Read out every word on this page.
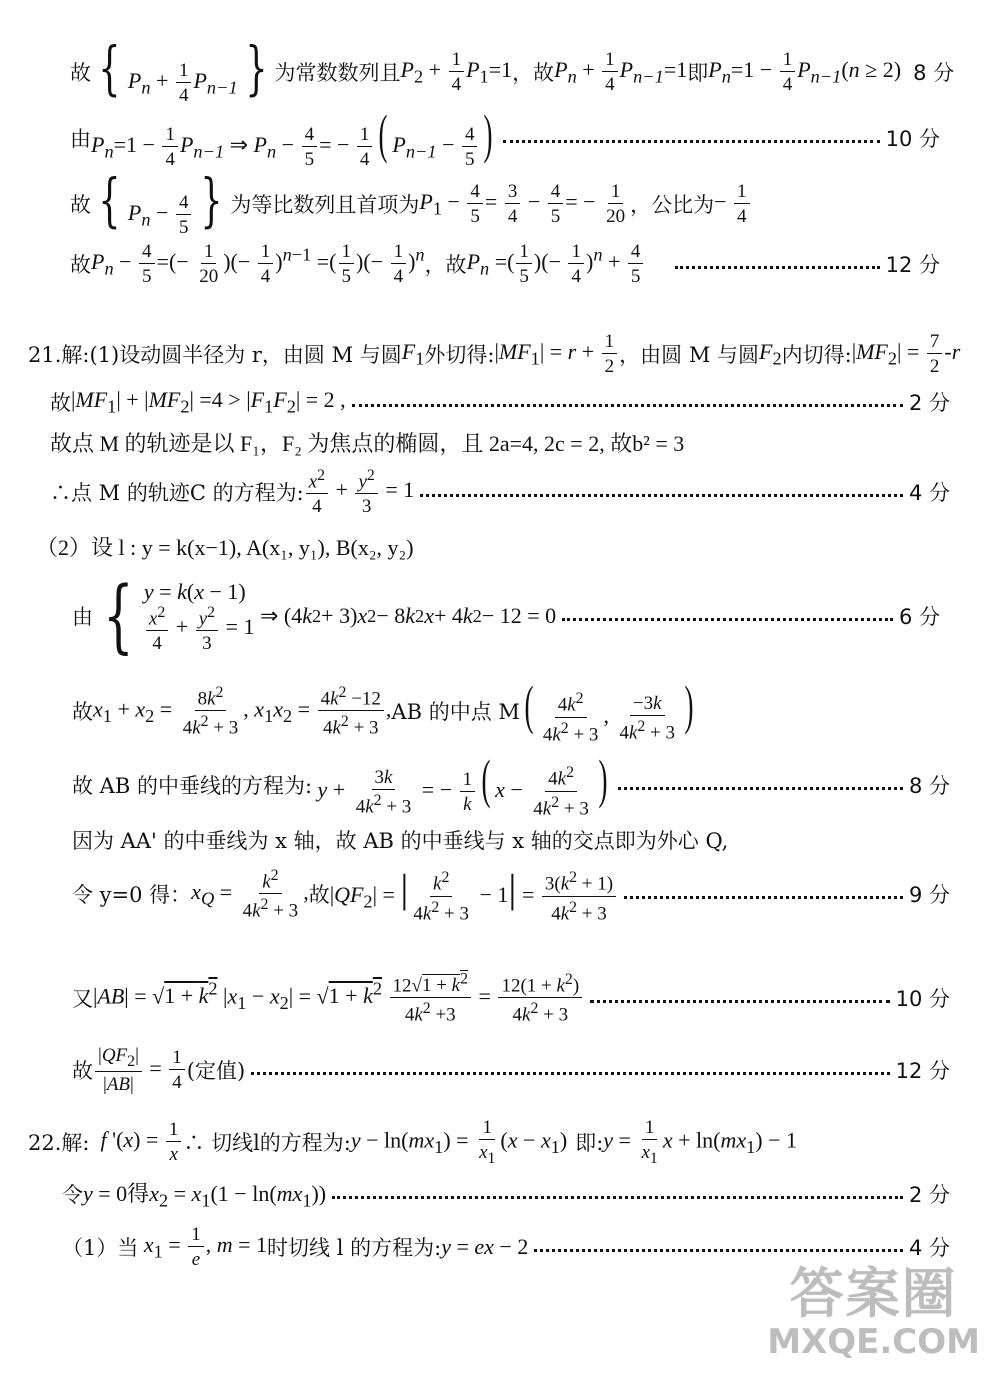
故 { $P_n + \frac{1}{4} P_{n-1}$ } 为常数数列且 $P_2 + \frac{1}{4} P_1=1$ ，故 $P_n + \frac{1}{4} P_{n-1}=1$ 即 $P_n=1 - \frac{1}{4} P_{n-1}(n \ge 2)$ 8 分
由 $P_n=1 - \frac{1}{4} P_{n-1}$ ⇒ $P_n - \frac{4}{5}$ = − $\frac{1}{4}$ ( $P_{n-1} - \frac{4}{5}$ )	10 分
故 { $P_n - \frac{4}{5}$ } 为等比数列且首项为 $P_1 - \frac{4}{5} = \frac{3}{4} - \frac{4}{5}$ = − $\frac{1}{20}$ ，公比为 − $\frac{1}{4}$
故 $P_n - \frac{4}{5}$ =(− $\frac{1}{20}$ )(− $\frac{1}{4} )^{n-1}$ =( $\frac{1}{5}$ )(− $\frac{1}{4} )^n$ ，故 $P_n$ =( $\frac{1}{5}$ )(− $\frac{1}{4} )^n + \frac{4}{5}$	12 分
21.解:(1)设动圆半径为 r，由圆 M 与圆 $F_1$ 外切得: $|MF_1| = r + \frac{1}{2}$ ，由圆 M 与圆 $F_2$ 内切得: $|MF_2| = \frac{7}{2} -r$
故 $|MF_1| + |MF_2| =4 > |F_1F_2| = 2$ ,	2 分
故点 M 的轨迹是以 F₁，F₂ 为焦点的椭圆，且 2a=4, 2c = 2, 故b² = 3
∴点 M 的轨迹C 的方程为: $\frac{x^2}{4} + \frac{y^2}{3} = 1$	4 分
（2）设 l : y = k(x−1), A(x₁, y₁), B(x₂, y₂)
由 { y = k(x − 1)
$\frac{x^2}{4} + \frac{y^2}{3} = 1$ ⇒ (4 k 2 + 3) x 2 − 8 k 2 x + 4 k 2 − 12 = 0	6 分
故 $x_1 + x_2 = \frac{8k^2}{4k^2 + 3}$ , $x_1x_2 = \frac{4k^2 -12}{4k^2 + 3}$ , AB 的中点 M ( $\frac{4k^2}{4k^2 + 3}$ , $\frac{-3k}{4k^2 + 3}$ )
故 AB 的中垂线的方程为: $y + \frac{3k}{4k^2 + 3}$ = − $\frac{1}{k}$ ( $x - \frac{4k^2}{4k^2 + 3}$ )	8 分
因为 AA' 的中垂线为 x 轴，故 AB 的中垂线与 x 轴的交点即为外心 Q,
令 y=0 得： $x_Q = \frac{k^2}{4k^2 + 3}$ , 故 $|QF_2|$ = | $\frac{k^2}{4k^2 + 3} - 1| = \frac{3(k^2 + 1)}{4k^2 + 3}$	9 分
又 $|AB| = √1 + k^2$ $|x_1 - x_2| = √1 + k^2 \frac{12√1 + k^2}{4k^2 +3} = \frac{12(1 + k^2)}{4k^2 + 3}$	10 分
故 $\frac{|QF_2|}{|AB|} = \frac{1}{4}$ (定值)	12 分
22.解: f '$(x) = \frac{1}{x}$ ∴ 切线l的方程为: $y - \ln(mx_1) = \frac{1}{x_1} (x - x_1)$ 即: $y = \frac{1}{x_1}$ $x + \ln(mx_1) - 1$
令 y = 0得$x_2 = x_1(1 - \ln(mx_1))$	2 分
（1）当 $x_1 = \frac{1}{e}$ , m = 1 时切线 l 的方程为: y = ex − 2	4 分
答案圈
MXQE.COM
